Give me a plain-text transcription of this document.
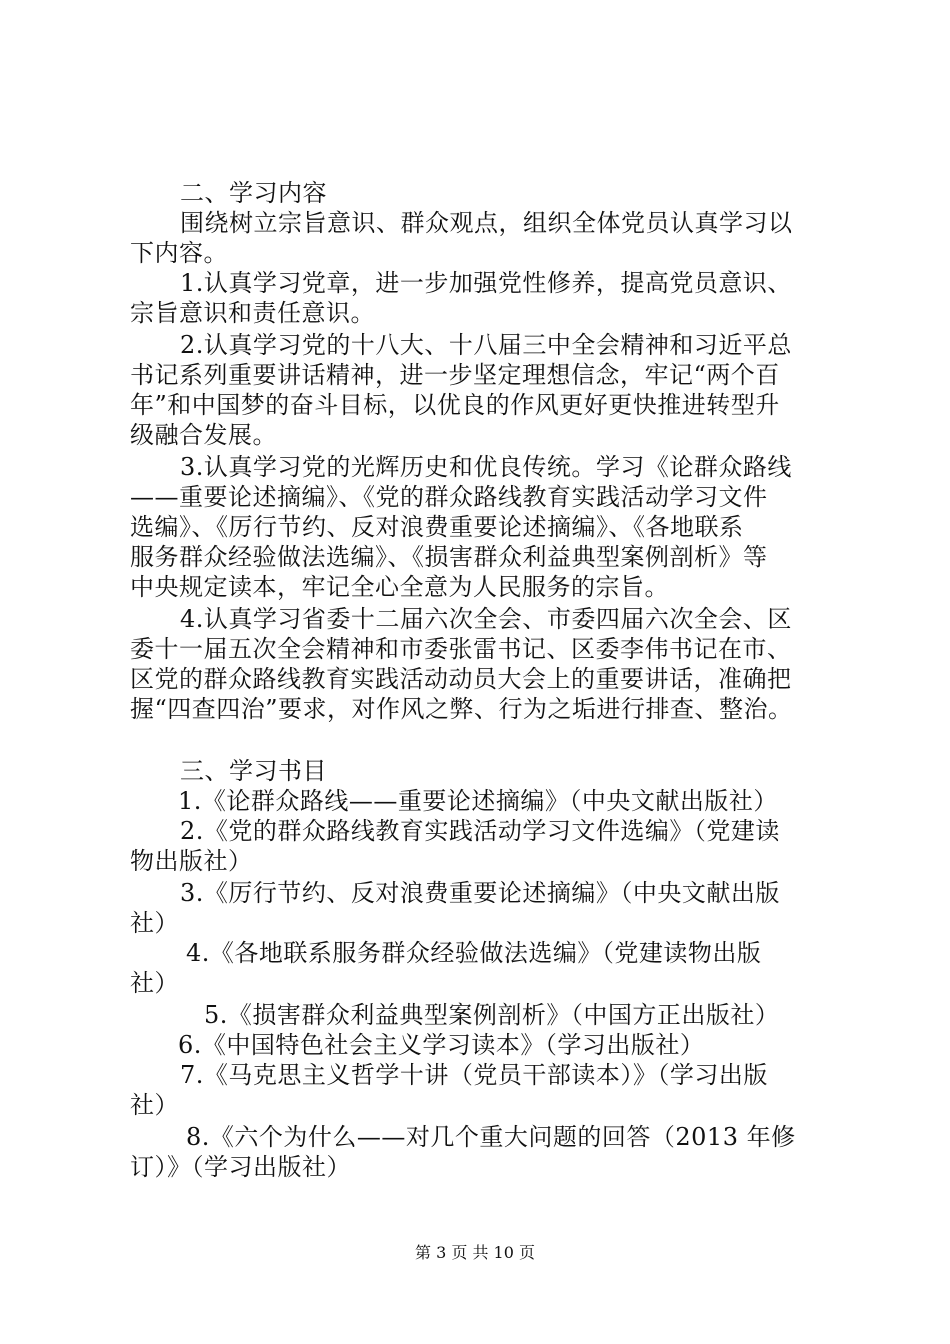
二、学习内容
围绕树立宗旨意识、群众观点，组织全体党员认真学习以
下内容。
1.认真学习党章，进一步加强党性修养，提高党员意识、
宗旨意识和责任意识。
2.认真学习党的十八大、十八届三中全会精神和习近平总
书记系列重要讲话精神，进一步坚定理想信念，牢记“两个百
年”和中国梦的奋斗目标，以优良的作风更好更快推进转型升
级融合发展。
3.认真学习党的光辉历史和优良传统。学习《论群众路线
——重要论述摘编》、《党的群众路线教育实践活动学习文件
选编》、《厉行节约、反对浪费重要论述摘编》、《各地联系
服务群众经验做法选编》、《损害群众利益典型案例剖析》等
中央规定读本，牢记全心全意为人民服务的宗旨。
4.认真学习省委十二届六次全会、市委四届六次全会、区
委十一届五次全会精神和市委张雷书记、区委李伟书记在市、
区党的群众路线教育实践活动动员大会上的重要讲话，准确把
握“四查四治”要求，对作风之弊、行为之垢进行排查、整治。
三、学习书目
1.《论群众路线——重要论述摘编》（中央文献出版社）
2.《党的群众路线教育实践活动学习文件选编》（党建读
物出版社）
3.《厉行节约、反对浪费重要论述摘编》（中央文献出版
社）
4.《各地联系服务群众经验做法选编》（党建读物出版
社）
5.《损害群众利益典型案例剖析》（中国方正出版社）
6.《中国特色社会主义学习读本》（学习出版社）
7.《马克思主义哲学十讲（党员干部读本）》（学习出版
社）
8.《六个为什么——对几个重大问题的回答（2013 年修
订）》（学习出版社）
第 3 页 共 10 页
